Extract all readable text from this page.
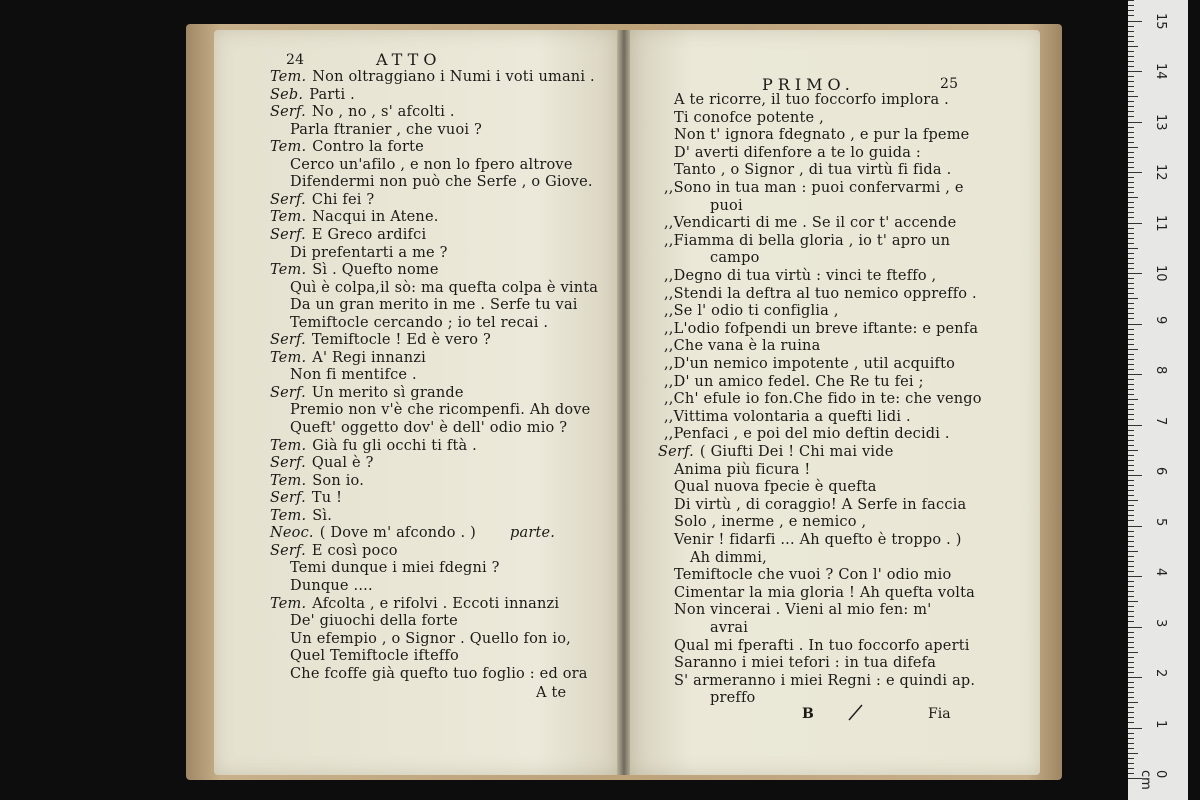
24	ATTO
Tem. Non oltraggiano i Numi i voti umani .
Seb. Parti .
Serf. No , no , s' afcolti .
Parla ftranier , che vuoi ?
Tem. Contro la forte
Cerco un'afilo , e non lo fpero altrove
Difendermi non può che Serfe , o Giove.
Serf. Chi fei ?
Tem. Nacqui in Atene.
Serf. E Greco ardifci
Di prefentarti a me ?
Tem. Sì . Quefto nome
Quì è colpa,il sò: ma quefta colpa è vinta
Da un gran merito in me . Serfe tu vai
Temiftocle cercando ; io tel recai .
Serf. Temiftocle ! Ed è vero ?
Tem. A' Regi innanzi
Non fi mentifce .
Serf. Un merito sì grande
Premio non v'è che ricompenfi. Ah dove
Queft' oggetto dov' è dell' odio mio ?
Tem. Già fu gli occhi ti ftà .
Serf. Qual è ?
Tem. Son io.
Serf. Tu !
Tem. Sì.
Neoc. ( Dove m' afcondo . )
Serf. E così poco
Temi dunque i miei fdegni ?
Dunque ....
Tem. Afcolta , e rifolvi . Eccoti innanzi
De' giuochi della forte
Un efempio , o Signor . Quello fon io,
Quel Temiftocle ifteffo
Che fcoffe già quefto tuo foglio : ed ora
parte.
A te
PRIMO.	25
A te ricorre, il tuo foccorfo implora .
Ti conofce potente ,
Non t' ignora fdegnato , e pur la fpeme
D' averti difenfore a te lo guida :
Tanto , o Signor , di tua virtù fi fida .
,,Sono in tua man : puoi confervarmi , e
puoi
,,Vendicarti di me . Se il cor t' accende
,,Fiamma di bella gloria , io t' apro un
campo
,,Degno di tua virtù : vinci te fteffo ,
,,Stendi la deftra al tuo nemico oppreffo .
,,Se l' odio ti configlia ,
,,L'odio fofpendi un breve iftante: e penfa
,,Che vana è la ruina
,,D'un nemico impotente , util acquifto
,,D' un amico fedel. Che Re tu fei ;
,,Ch' efule io fon.Che fido in te: che vengo
,,Vittima volontaria a quefti lidi .
,,Penfaci , e poi del mio deftin decidi .
Serf. ( Giufti Dei ! Chi mai vide
Anima più ficura !
Qual nuova fpecie è quefta
Di virtù , di coraggio! A Serfe in faccia
Solo , inerme , e nemico ,
Venir ! fidarfi ... Ah quefto è troppo . )
Ah dimmi,
Temiftocle che vuoi ? Con l' odio mio
Cimentar la mia gloria ! Ah quefta volta
Non vincerai . Vieni al mio fen: m'
avrai
Qual mi fperafti . In tuo foccorfo aperti
Saranno i miei tefori : in tua difefa
S' armeranno i miei Regni : e quindi ap.
preffo
B	Fia
0 cm
1
2
3
4
5
6
7
8
9
10
11
12
13
14
15
